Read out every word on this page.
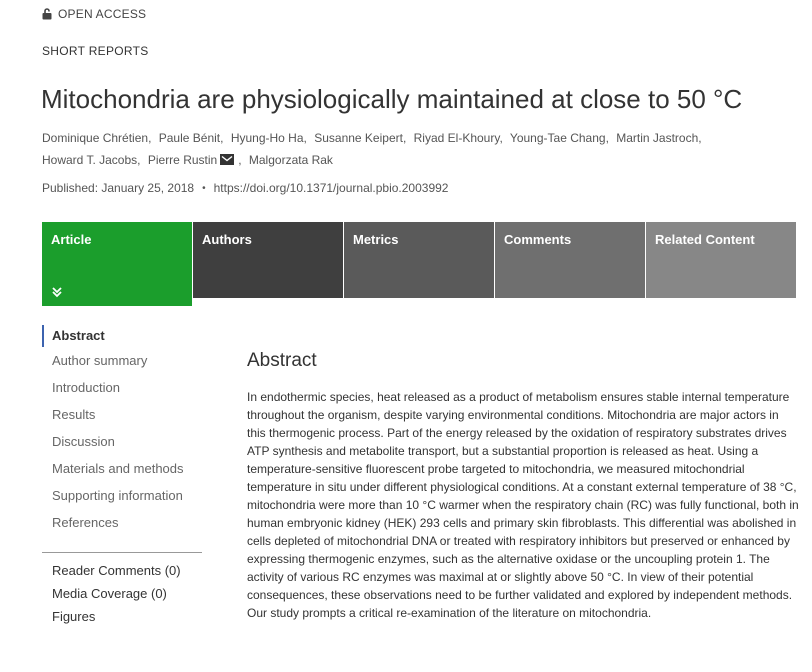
OPEN ACCESS
SHORT REPORTS
Mitochondria are physiologically maintained at close to 50 °C
Dominique Chrétien, Paule Bénit, Hyung-Ho Ha, Susanne Keipert, Riyad El-Khoury, Young-Tae Chang, Martin Jastroch,
Howard T. Jacobs, Pierre Rustin , Malgorzata Rak
Published: January 25, 2018 • https://doi.org/10.1371/journal.pbio.2003992
Article	Authors	Metrics	Comments	Related Content
Abstract
Author summary
Introduction
Results
Discussion
Materials and methods
Supporting information
References
Reader Comments (0)
Media Coverage (0)
Figures
Abstract

In endothermic species, heat released as a product of metabolism ensures stable internal temperature throughout the organism, despite varying environmental conditions. Mitochondria are major actors in this thermogenic process. Part of the energy released by the oxidation of respiratory substrates drives ATP synthesis and metabolite transport, but a substantial proportion is released as heat. Using a temperature-sensitive fluorescent probe targeted to mitochondria, we measured mitochondrial temperature in situ under different physiological conditions. At a constant external temperature of 38 °C, mitochondria were more than 10 °C warmer when the respiratory chain (RC) was fully functional, both in human embryonic kidney (HEK) 293 cells and primary skin fibroblasts. This differential was abolished in cells depleted of mitochondrial DNA or treated with respiratory inhibitors but preserved or enhanced by expressing thermogenic enzymes, such as the alternative oxidase or the uncoupling protein 1. The activity of various RC enzymes was maximal at or slightly above 50 °C. In view of their potential consequences, these observations need to be further validated and explored by independent methods. Our study prompts a critical re-examination of the literature on mitochondria.
